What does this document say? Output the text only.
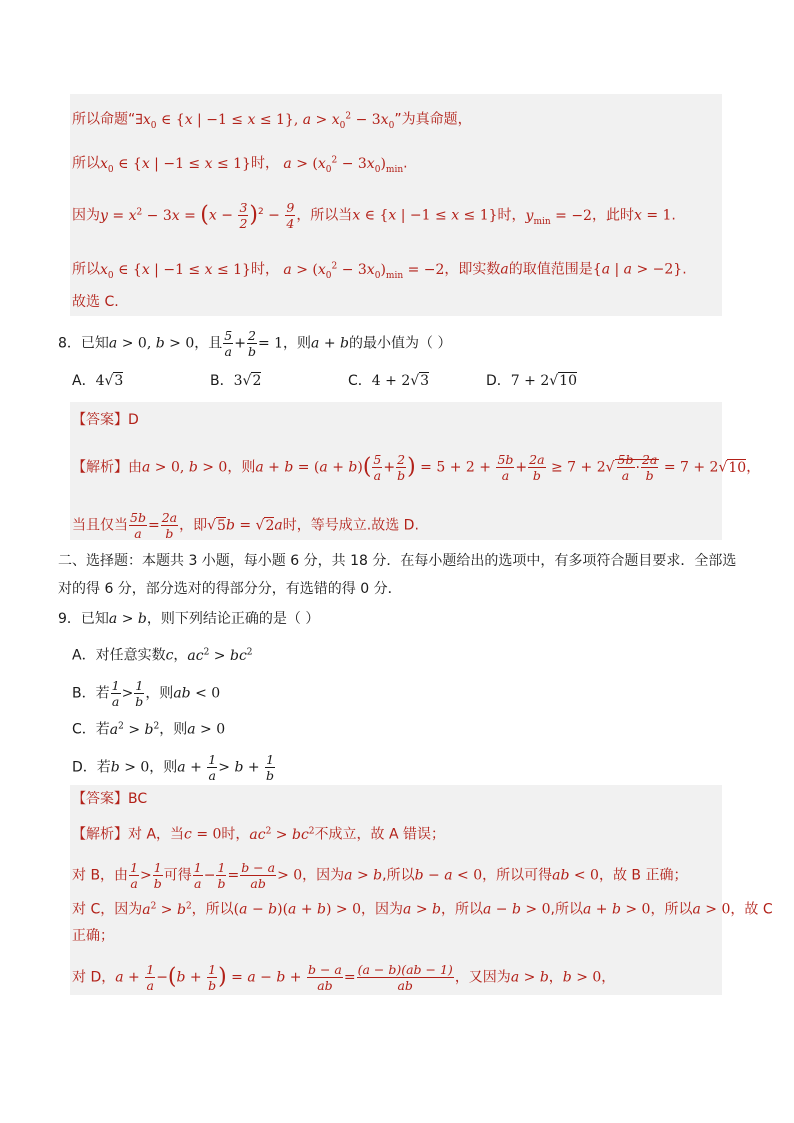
所以命题“$\exists x_0$ ∈ {x | −1 ≤ x ≤ 1}, $a > x_0^2 - 3x_0$”为真命题，
所以$x_0$ ∈ {x | −1 ≤ x ≤ 1}时， $a > (x_0^2 - 3x_0)_{min}$.
因为$y = x^2 - 3x = (x - \frac{3}{2} )^2 - \frac{9}{4}$ ，所以当x ∈ {x | −1 ≤ x ≤ 1}时，$y_{min} = -2$，此时x = 1.
所以$x_0$ ∈ {x | −1 ≤ x ≤ 1}时， $a > (x_0^2 - 3x_0)_{min} = -2$，即实数a的取值范围是{a | a > −2}.
故选 C.
8．已知a > 0, b > 0，且 $\frac{5}{a} + \frac{2}{b} = 1$，则a + b的最小值为（ ）
A．4√3	B．3√2	C．4 + 2√3	D．7 + 2√10
【答案】D
【解析】由a > 0, b > 0，则$a + b = (a + b)( \frac{5}{a} + \frac{2}{b}$ ) = $5 + 2 + \frac{5b}{a} + \frac{2a}{b} \ge 7 + 2√ \frac{5b}{a} \cdot \frac{2a}{b} = 7 + 2√10$，
当且仅当 $\frac{5b}{a} = \frac{2a}{b}$ ，即√5b = √2a时，等号成立.故选 D.
二、选择题：本题共 3 小题，每小题 6 分，共 18 分．在每小题给出的选项中，有多项符合题目要求．全部选
对的得 6 分，部分选对的得部分分，有选错的得 0 分．
9．已知a > b，则下列结论正确的是（ ）
A．对任意实数c，$ac^2 > bc^2$
B．若 $\frac{1}{a} > \frac{1}{b}$ ，则ab < 0
C．若$a^2 > b^2$，则a > 0
D．若b > 0，则$a + \frac{1}{a} > b + \frac{1}{b}$
【答案】BC
【解析】对 A，当c = 0时，$ac^2 > bc^2$不成立，故 A 错误；
对 B，由 $\frac{1}{a} > \frac{1}{b}$ 可得 $\frac{1}{a} - \frac{1}{b} = \frac{b - a}{ab} > 0$，因为a > b,所以b − a < 0，所以可得ab < 0，故 B 正确；
对 C，因为$a^2 > b^2$，所以(a − b)(a + b) > 0，因为a > b，所以a − b > 0,所以a + b > 0，所以a > 0，故 C
正确；
对 D，$a + \frac{1}{a} -(b + \frac{1}{b}$ ) = $a - b + \frac{b - a}{ab} = \frac{(a - b)(ab - 1)}{ab}$ ，又因为a > b，b > 0，
